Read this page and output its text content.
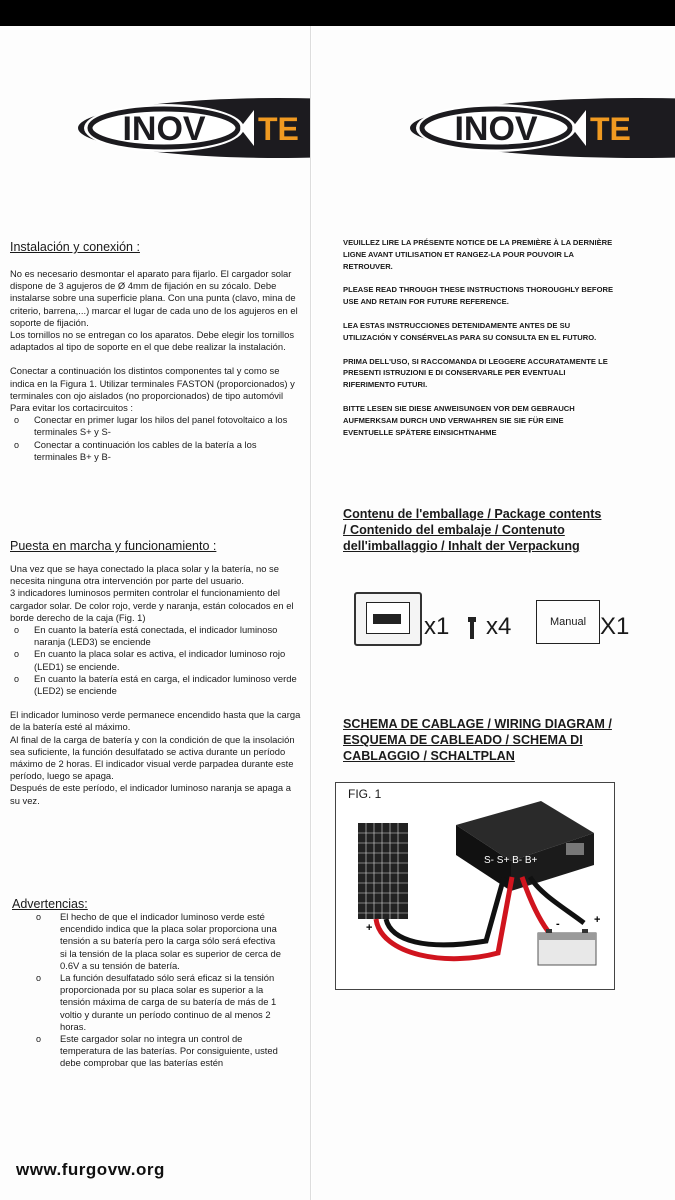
INOV TE

Instalación y conexión :

No es necesario desmontar el aparato para fijarlo. El cargador solar dispone de 3 agujeros de Ø 4mm de fijación en su zócalo. Debe instalarse sobre una superficie plana. Con una punta (clavo, mina de criterio, barrena,...) marcar el lugar de cada uno de los agujeros en el soporte de fijación.

Los tornillos no se entregan co los aparatos. Debe elegir los tornillos adaptados al tipo de soporte en el que debe realizar la instalación.

Conectar a continuación los distintos componentes tal y como se indica en la Figura 1. Utilizar terminales FASTON (proporcionados) y terminales con ojo aislados (no proporcionados) de tipo automóvil

Para evitar los cortacircuitos :

o Conectar en primer lugar los hilos del panel fotovoltaico a los terminales S+ y S-
o Conectar a continuación los cables de la batería a los terminales B+ y B-

Puesta en marcha y funcionamiento :

Una vez que se haya conectado la placa solar y la batería, no se necesita ninguna otra intervención por parte del usuario.

3 indicadores luminosos permiten controlar el funcionamiento del cargador solar. De color rojo, verde y naranja, están colocados en el borde derecho de la caja (Fig. 1)

o En cuanto la batería está conectada, el indicador luminoso naranja (LED3) se enciende
o En cuanto la placa solar es activa, el indicador luminoso rojo (LED1) se enciende.
o En cuanto la batería está en carga, el indicador luminoso verde (LED2) se enciende

El indicador luminoso verde permanece encendido hasta que la carga de la batería esté al máximo.

Al final de la carga de batería y con la condición de que la insolación sea suficiente, la función desulfatado se activa durante un período máximo de 2 horas. El indicador visual verde parpadea durante este período, luego se apaga.

Después de este período, el indicador luminoso naranja se apaga a su vez.

Advertencias:

o El hecho de que el indicador luminoso verde esté encendido indica que la placa solar proporciona una tensión a su batería pero la carga sólo será efectiva si la tensión de la placa solar es superior de cerca de 0.6V a su tensión de batería.
o La función desulfatado sólo será eficaz si la tensión proporcionada por su placa solar es superior a la tensión máxima de carga de su batería de más de 1 voltio y durante un período continuo de al menos 2 horas.
o Este cargador solar no integra un control de temperatura de las baterías. Por consiguiente, usted debe comprobar que las baterías estén
INOV TE

VEUILLEZ LIRE LA PRÉSENTE NOTICE DE LA PREMIÈRE À LA DERNIÈRE LIGNE AVANT UTILISATION ET RANGEZ-LA POUR POUVOIR LA RETROUVER.

PLEASE READ THROUGH THESE INSTRUCTIONS THOROUGHLY BEFORE USE AND RETAIN FOR FUTURE REFERENCE.

LEA ESTAS INSTRUCCIONES DETENIDAMENTE ANTES DE SU UTILIZACIÓN Y CONSÉRVELAS PARA SU CONSULTA EN EL FUTURO.

PRIMA DELL'USO, SI RACCOMANDA DI LEGGERE ACCURATAMENTE LE PRESENTI ISTRUZIONI E DI CONSERVARLE PER EVENTUALI RIFERIMENTO FUTURI.

BITTE LESEN SIE DIESE ANWEISUNGEN VOR DEM GEBRAUCH AUFMERKSAM DURCH UND VERWAHREN SIE SIE FÜR EINE EVENTUELLE SPÄTERE EINSICHTNAHME

Contenu de l'emballage / Package contents / Contenido del embalaje / Contenuto dell'imballaggio / Inhalt der Verpackung

x1 x4	Manual X1

SCHEMA DE CABLAGE / WIRING DIAGRAM / ESQUEMA DE CABLEADO / SCHEMA DI CABLAGGIO / SCHALTPLAN

FIG. 1
S- S+ B- B+
-	+
+
www.furgovw.org
